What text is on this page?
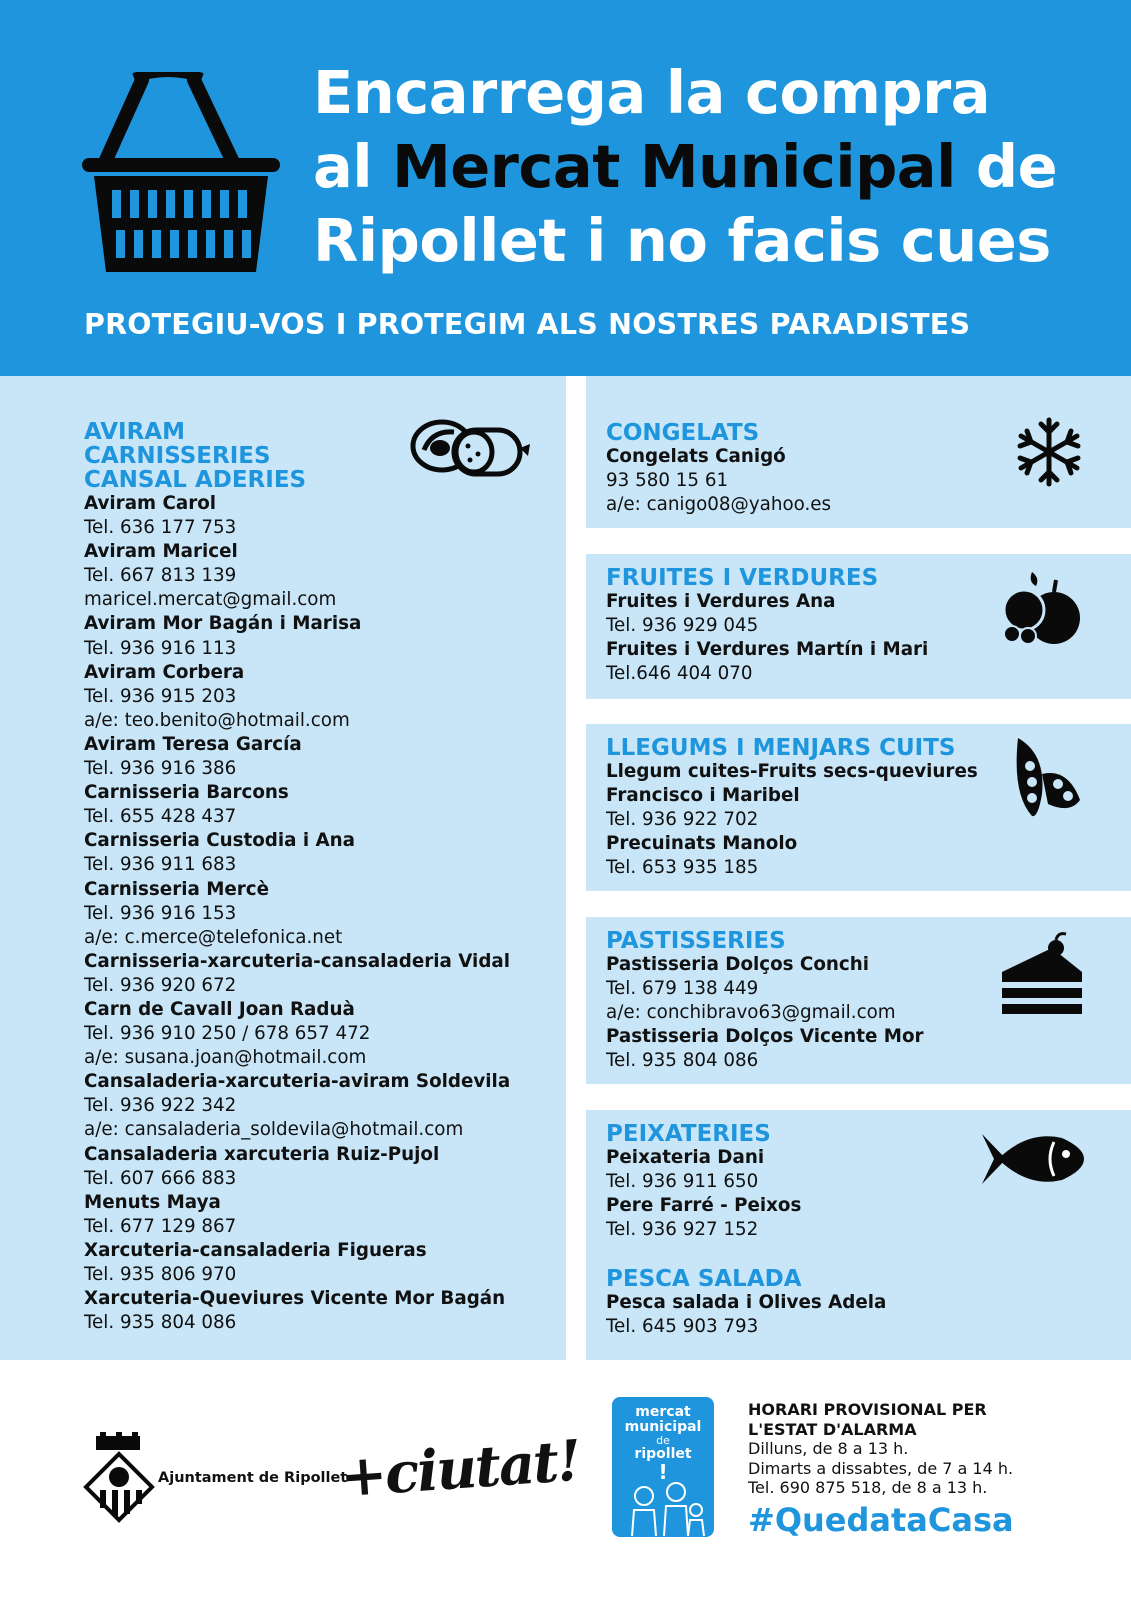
Encarrega la compra
al Mercat Municipal de
Ripollet i no facis cues

PROTEGIU-VOS I PROTEGIM ALS NOSTRES PARADISTES

AVIRAM

CARNISSERIES

CANSAL ADERIES

Aviram Carol
Tel. 636 177 753
Aviram Maricel
Tel. 667 813 139
maricel.mercat@gmail.com
Aviram Mor Bagán i Marisa
Tel. 936 916 113
Aviram Corbera
Tel. 936 915 203
a/e: teo.benito@hotmail.com
Aviram Teresa García
Tel. 936 916 386
Carnisseria Barcons
Tel. 655 428 437
Carnisseria Custodia i Ana
Tel. 936 911 683
Carnisseria Mercè
Tel. 936 916 153
a/e: c.merce@telefonica.net
Carnisseria-xarcuteria-cansaladeria Vidal
Tel. 936 920 672
Carn de Cavall Joan Raduà
Tel. 936 910 250 / 678 657 472
a/e: susana.joan@hotmail.com
Cansaladeria-xarcuteria-aviram Soldevila
Tel. 936 922 342
a/e: cansaladeria_soldevila@hotmail.com
Cansaladeria xarcuteria Ruiz-Pujol
Tel. 607 666 883
Menuts Maya
Tel. 677 129 867
Xarcuteria-cansaladeria Figueras
Tel. 935 806 970
Xarcuteria-Queviures Vicente Mor Bagán
Tel. 935 804 086

CONGELATS

Congelats Canigó
93 580 15 61
a/e: canigo08@yahoo.es

FRUITES I VERDURES

Fruites i Verdures Ana
Tel. 936 929 045
Fruites i Verdures Martín i Mari
Tel.646 404 070

LLEGUMS I MENJARS CUITS

Llegum cuites-Fruits secs-queviures
Francisco i Maribel
Tel. 936 922 702
Precuinats Manolo
Tel. 653 935 185

PASTISSERIES

Pastisseria Dolços Conchi
Tel. 679 138 449
a/e: conchibravo63@gmail.com
Pastisseria Dolços Vicente Mor
Tel. 935 804 086

PEIXATERIES

Peixateria Dani
Tel. 936 911 650
Pere Farré - Peixos
Tel. 936 927 152

PESCA SALADA

Pesca salada i Olives Adela
Tel. 645 903 793
Ajuntament de Ripollet
+ciutat!
mercat
municipal
de
ripollet
!
HORARI PROVISIONAL PER
L'ESTAT D'ALARMA
Dilluns, de 8 a 13 h.
Dimarts a dissabtes, de 7 a 14 h.
Tel. 690 875 518, de 8 a 13 h.
#QuedataCasa
